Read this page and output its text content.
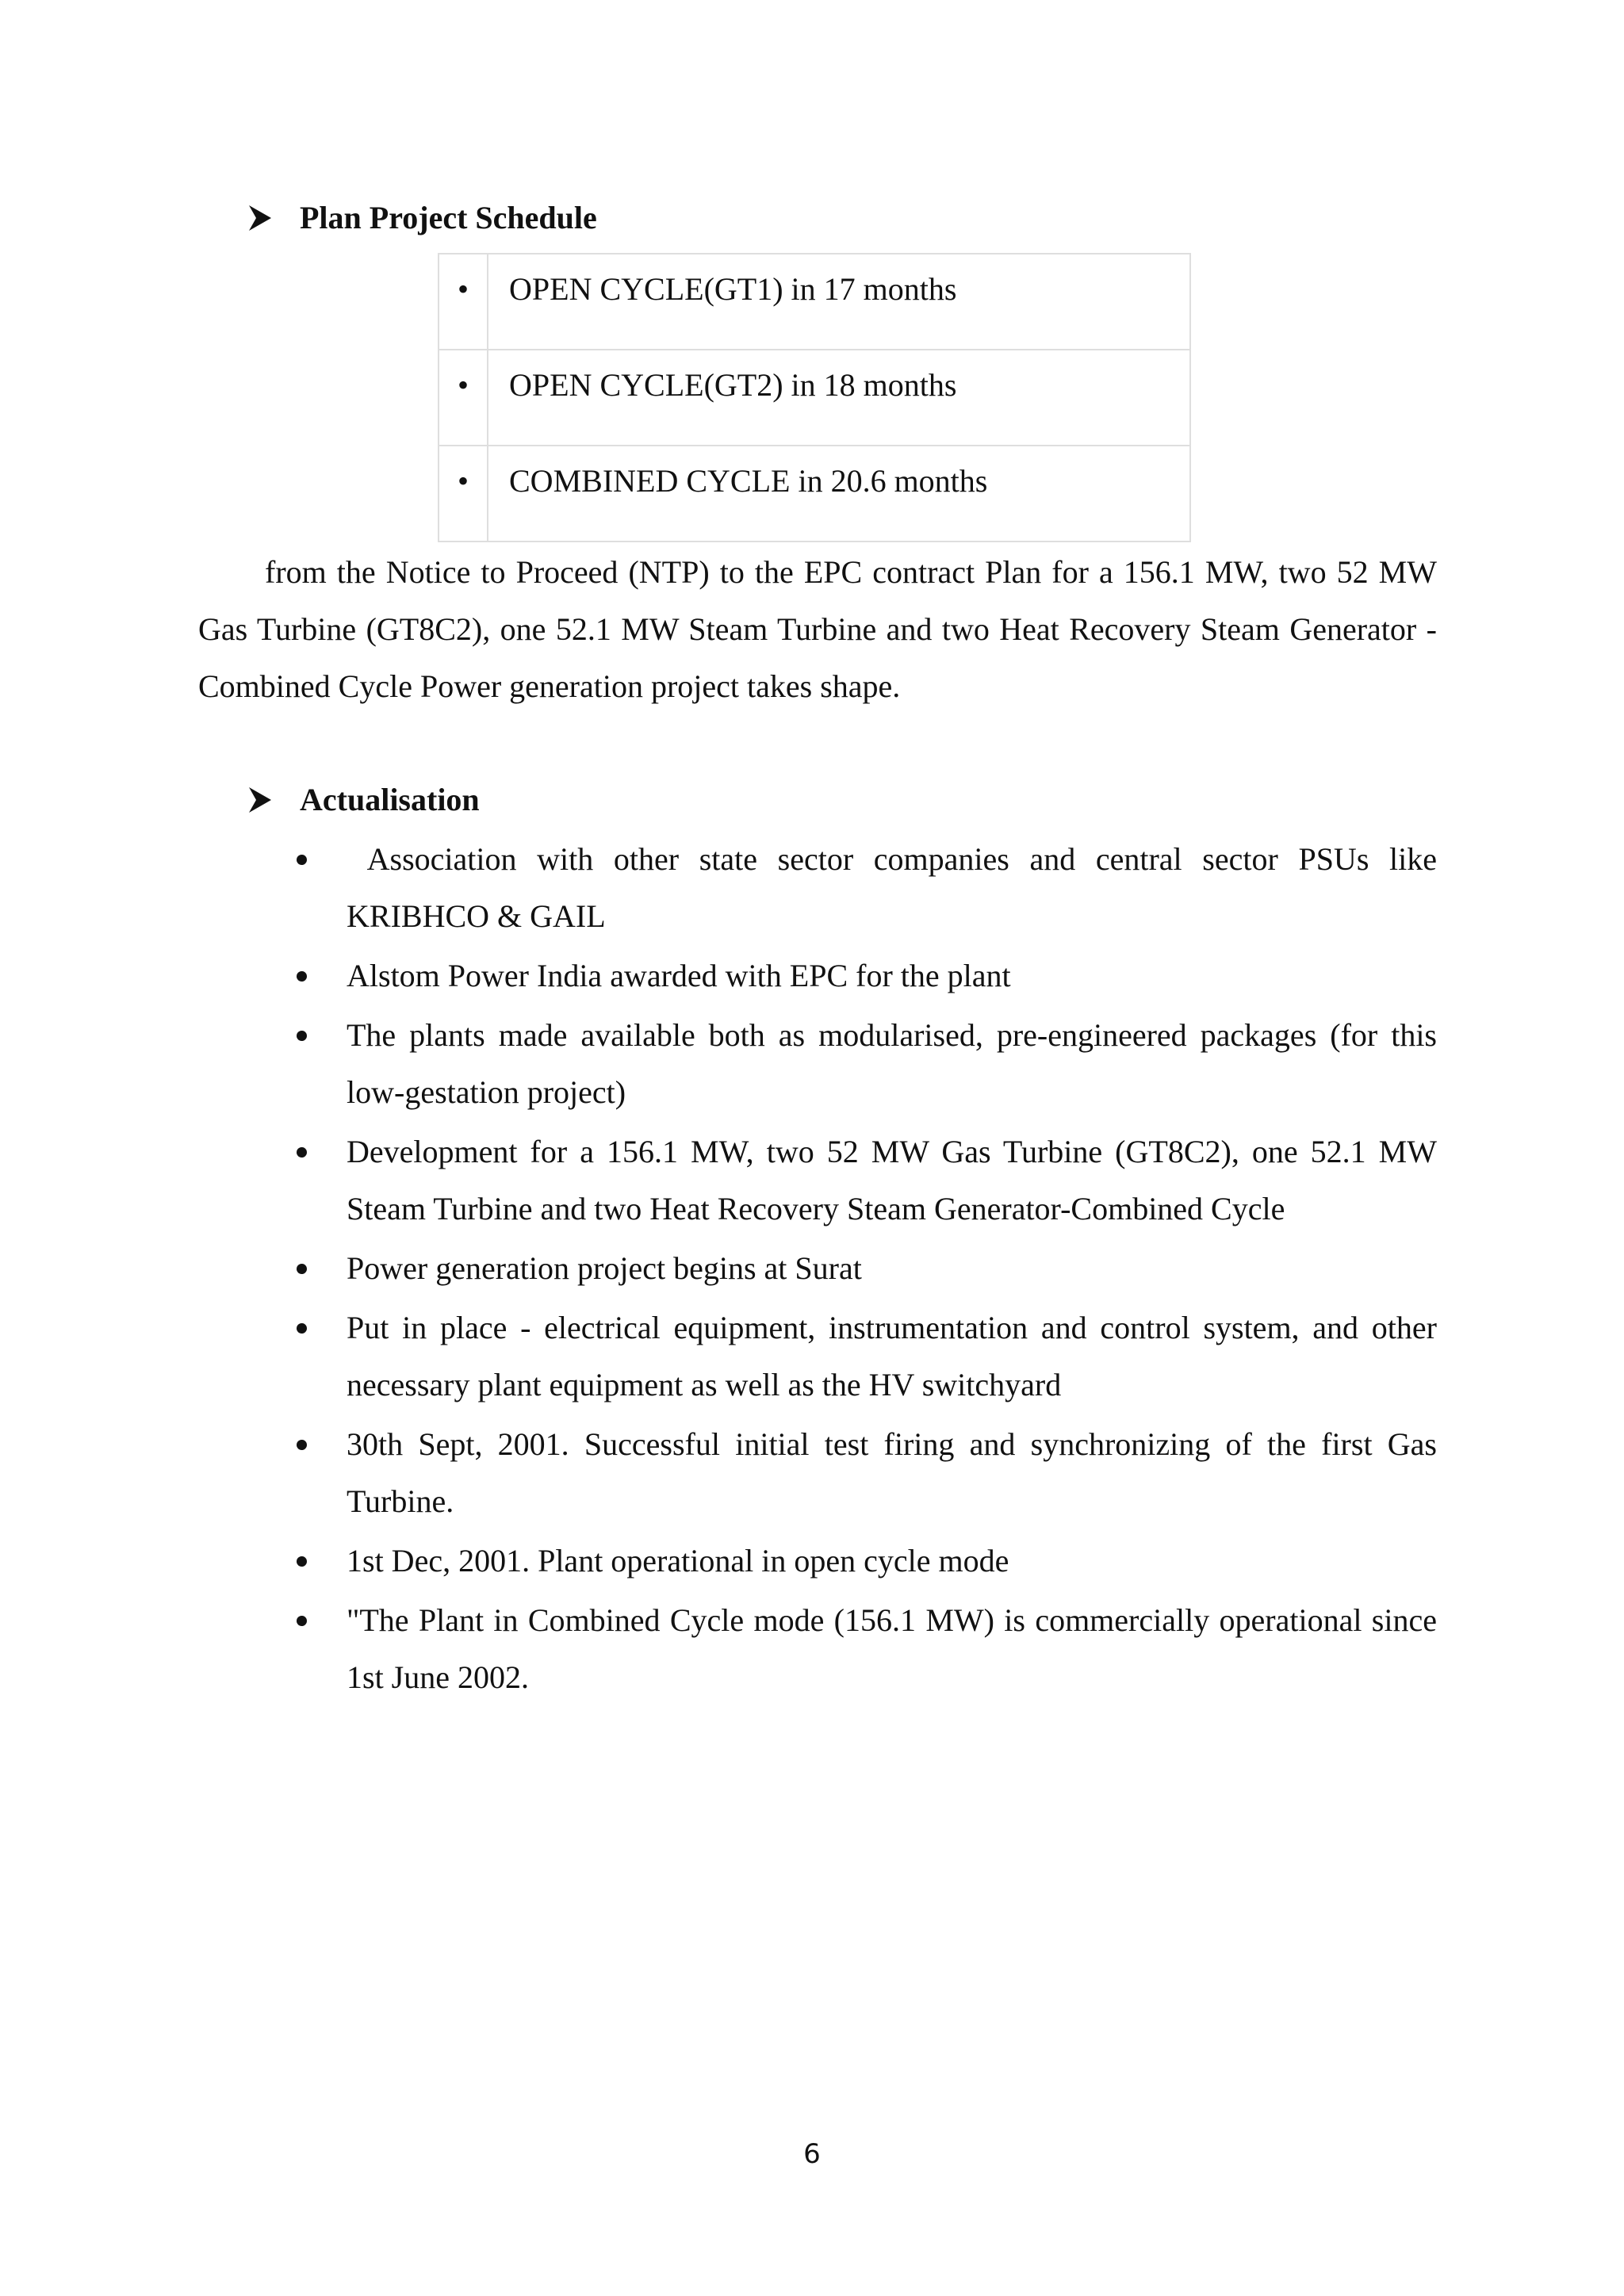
Plan Project Schedule
•	OPEN CYCLE(GT1) in 17 months
•	OPEN CYCLE(GT2) in 18 months
•	COMBINED CYCLE in 20.6 months

from the Notice to Proceed (NTP) to the EPC contract Plan for a 156.1 MW, two 52 MW Gas Turbine (GT8C2), one 52.1 MW Steam Turbine and two Heat Recovery Steam Generator - Combined Cycle Power generation project takes shape.

Actualisation
Association with other state sector companies and central sector PSUs like KRIBHCO & GAIL
Alstom Power India awarded with EPC for the plant
The plants made available both as modularised, pre-engineered packages (for this low-gestation project)
Development for a 156.1 MW, two 52 MW Gas Turbine (GT8C2), one 52.1 MW Steam Turbine and two Heat Recovery Steam Generator-Combined Cycle
Power generation project begins at Surat
Put in place - electrical equipment, instrumentation and control system, and other necessary plant equipment as well as the HV switchyard
30th Sept, 2001. Successful initial test firing and synchronizing of the first Gas Turbine.
1st Dec, 2001. Plant operational in open cycle mode
"The Plant in Combined Cycle mode (156.1 MW) is commercially operational since 1st June 2002.
6
